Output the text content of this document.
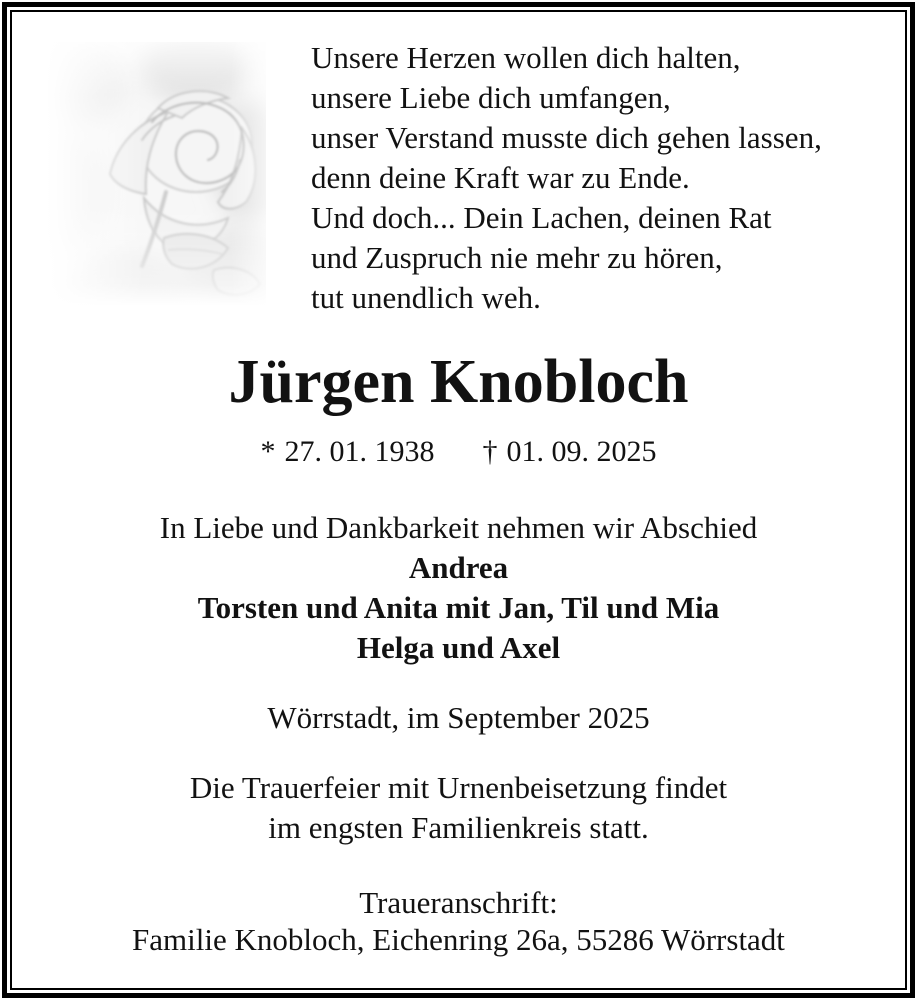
Unsere Herzen wollen dich halten,
unsere Liebe dich umfangen,
unser Verstand musste dich gehen lassen,
denn deine Kraft war zu Ende.
Und doch... Dein Lachen, deinen Rat
und Zuspruch nie mehr zu hören,
tut unendlich weh.
Jürgen Knobloch
* 27. 01. 1938 † 01. 09. 2025
In Liebe und Dankbarkeit nehmen wir Abschied
Andrea
Torsten und Anita mit Jan, Til und Mia
Helga und Axel
Wörrstadt, im September 2025
Die Trauerfeier mit Urnenbeisetzung findet
im engsten Familienkreis statt.
Traueranschrift:
Familie Knobloch, Eichenring 26a, 55286 Wörrstadt
